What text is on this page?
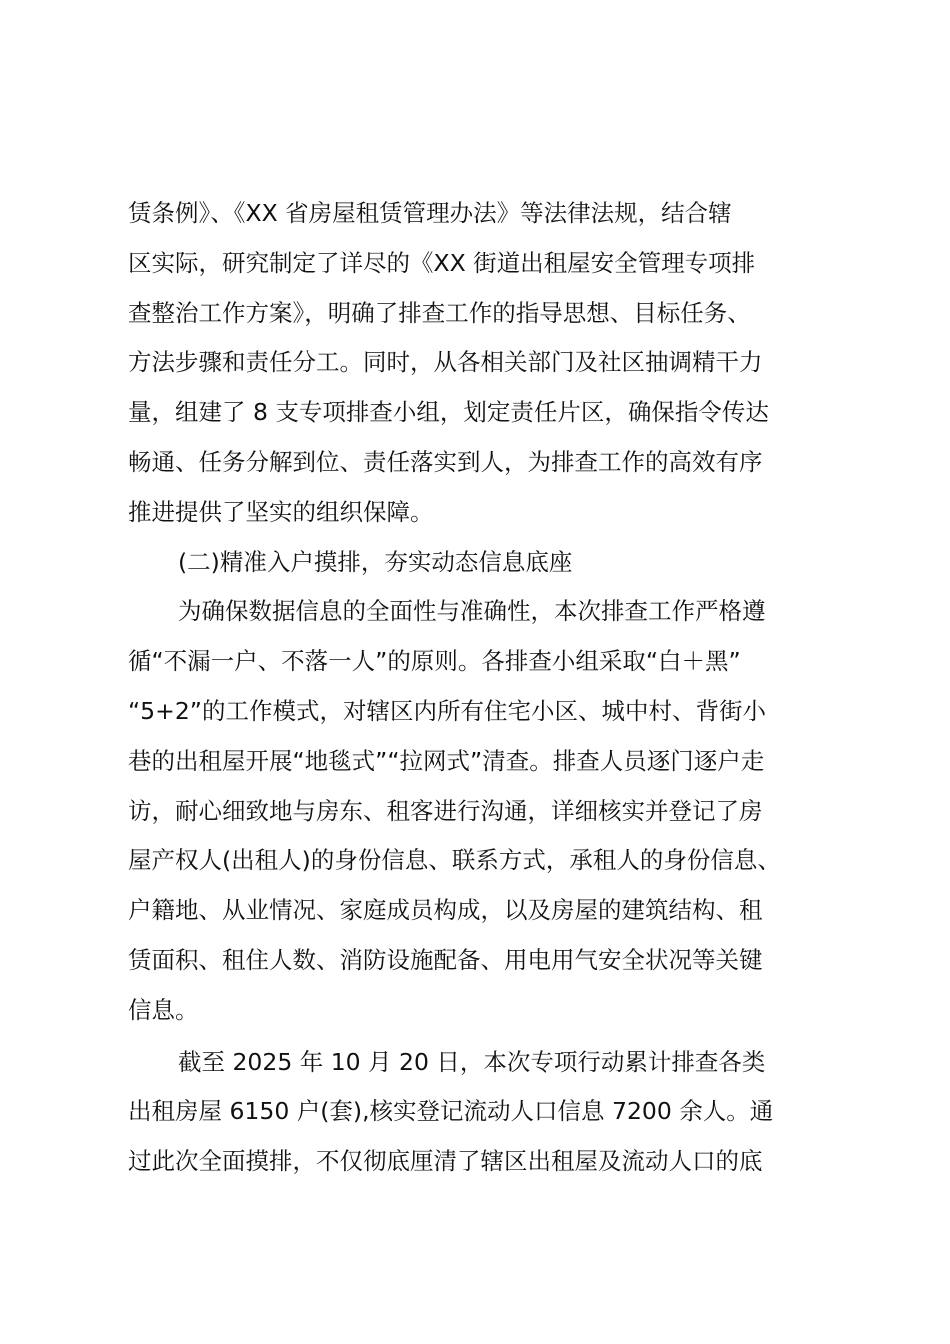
赁条例》、《XX 省房屋租赁管理办法》等法律法规，结合辖
区实际，研究制定了详尽的《XX 街道出租屋安全管理专项排
查整治工作方案》，明确了排查工作的指导思想、目标任务、
方法步骤和责任分工。同时，从各相关部门及社区抽调精干力
量，组建了 8 支专项排查小组，划定责任片区，确保指令传达
畅通、任务分解到位、责任落实到人，为排查工作的高效有序
推进提供了坚实的组织保障。
(二)精准入户摸排，夯实动态信息底座
为确保数据信息的全面性与准确性，本次排查工作严格遵
循“不漏一户、不落一人”的原则。各排查小组采取“白＋黑”
“5+2”的工作模式，对辖区内所有住宅小区、城中村、背街小
巷的出租屋开展“地毯式”“拉网式”清查。排查人员逐门逐户走
访，耐心细致地与房东、租客进行沟通，详细核实并登记了房
屋产权人(出租人)的身份信息、联系方式，承租人的身份信息、
户籍地、从业情况、家庭成员构成，以及房屋的建筑结构、租
赁面积、租住人数、消防设施配备、用电用气安全状况等关键
信息。
截至 2025 年 10 月 20 日，本次专项行动累计排查各类
出租房屋 6150 户(套),核实登记流动人口信息 7200 余人。通
过此次全面摸排，不仅彻底厘清了辖区出租屋及流动人口的底
